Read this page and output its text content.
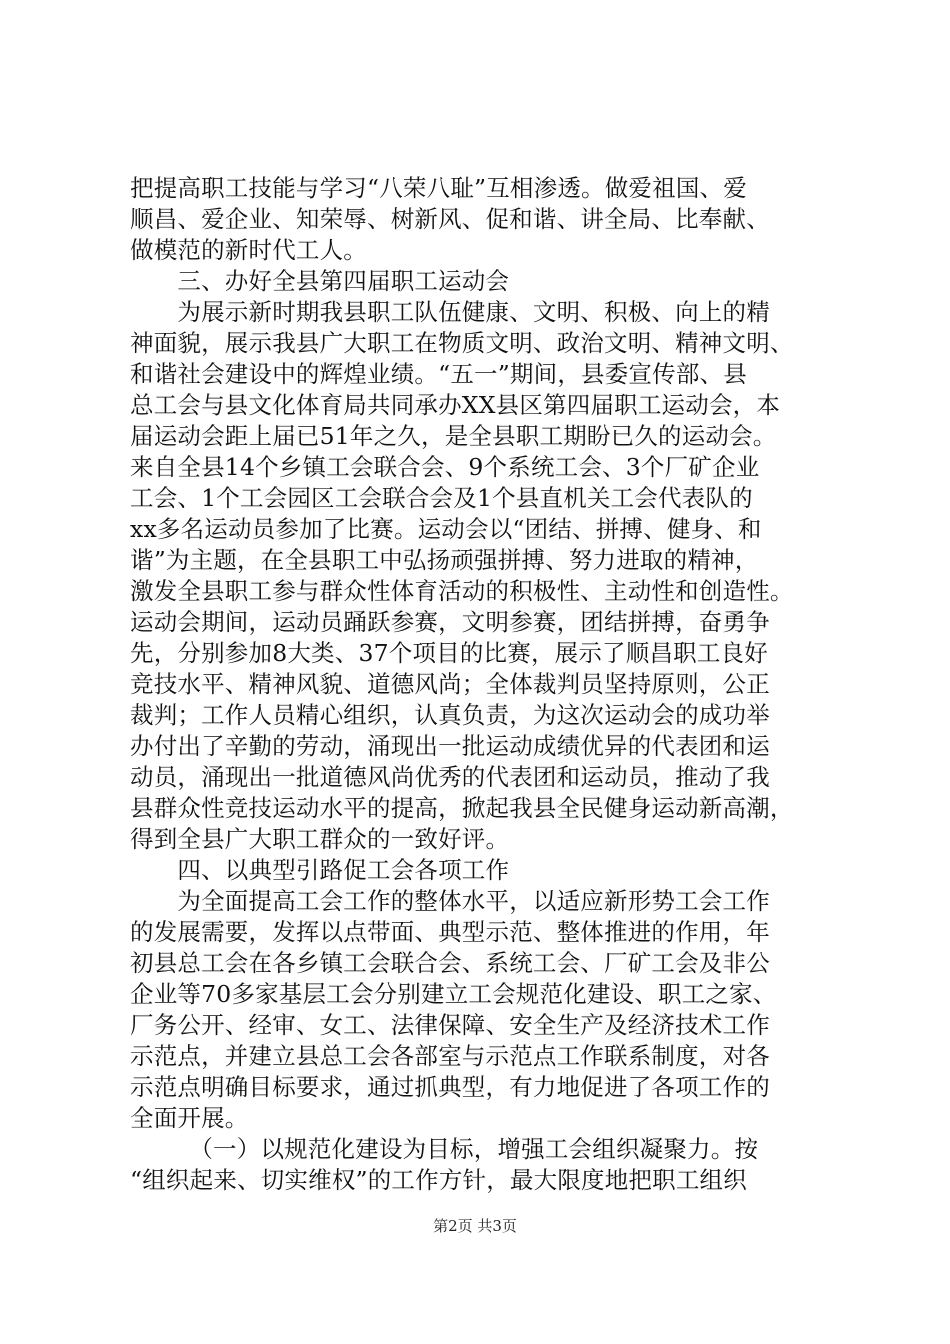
把提高职工技能与学习“八荣八耻”互相渗透。做爱祖国、爱
顺昌、爱企业、知荣辱、树新风、促和谐、讲全局、比奉献、
做模范的新时代工人。
　　三、办好全县第四届职工运动会
　　为展示新时期我县职工队伍健康、文明、积极、向上的精
神面貌，展示我县广大职工在物质文明、政治文明、精神文明、
和谐社会建设中的辉煌业绩。“五一”期间，县委宣传部、县
总工会与县文化体育局共同承办XX县区第四届职工运动会，本
届运动会距上届已51年之久，是全县职工期盼已久的运动会。
来自全县14个乡镇工会联合会、9个系统工会、3个厂矿企业
工会、1个工会园区工会联合会及1个县直机关工会代表队的
xx多名运动员参加了比赛。运动会以“团结、拼搏、健身、和
谐”为主题，在全县职工中弘扬顽强拼搏、努力进取的精神，
激发全县职工参与群众性体育活动的积极性、主动性和创造性。
运动会期间，运动员踊跃参赛，文明参赛，团结拼搏，奋勇争
先，分别参加8大类、37个项目的比赛，展示了顺昌职工良好
竞技水平、精神风貌、道德风尚；全体裁判员坚持原则，公正
裁判；工作人员精心组织，认真负责，为这次运动会的成功举
办付出了辛勤的劳动，涌现出一批运动成绩优异的代表团和运
动员，涌现出一批道德风尚优秀的代表团和运动员，推动了我
县群众性竞技运动水平的提高，掀起我县全民健身运动新高潮，
得到全县广大职工群众的一致好评。
　　四、以典型引路促工会各项工作
　　为全面提高工会工作的整体水平，以适应新形势工会工作
的发展需要，发挥以点带面、典型示范、整体推进的作用，年
初县总工会在各乡镇工会联合会、系统工会、厂矿工会及非公
企业等70多家基层工会分别建立工会规范化建设、职工之家、
厂务公开、经审、女工、法律保障、安全生产及经济技术工作
示范点，并建立县总工会各部室与示范点工作联系制度，对各
示范点明确目标要求，通过抓典型，有力地促进了各项工作的
全面开展。
　　　（一）以规范化建设为目标，增强工会组织凝聚力。按
“组织起来、切实维权”的工作方针，最大限度地把职工组织
第2页 共3页
